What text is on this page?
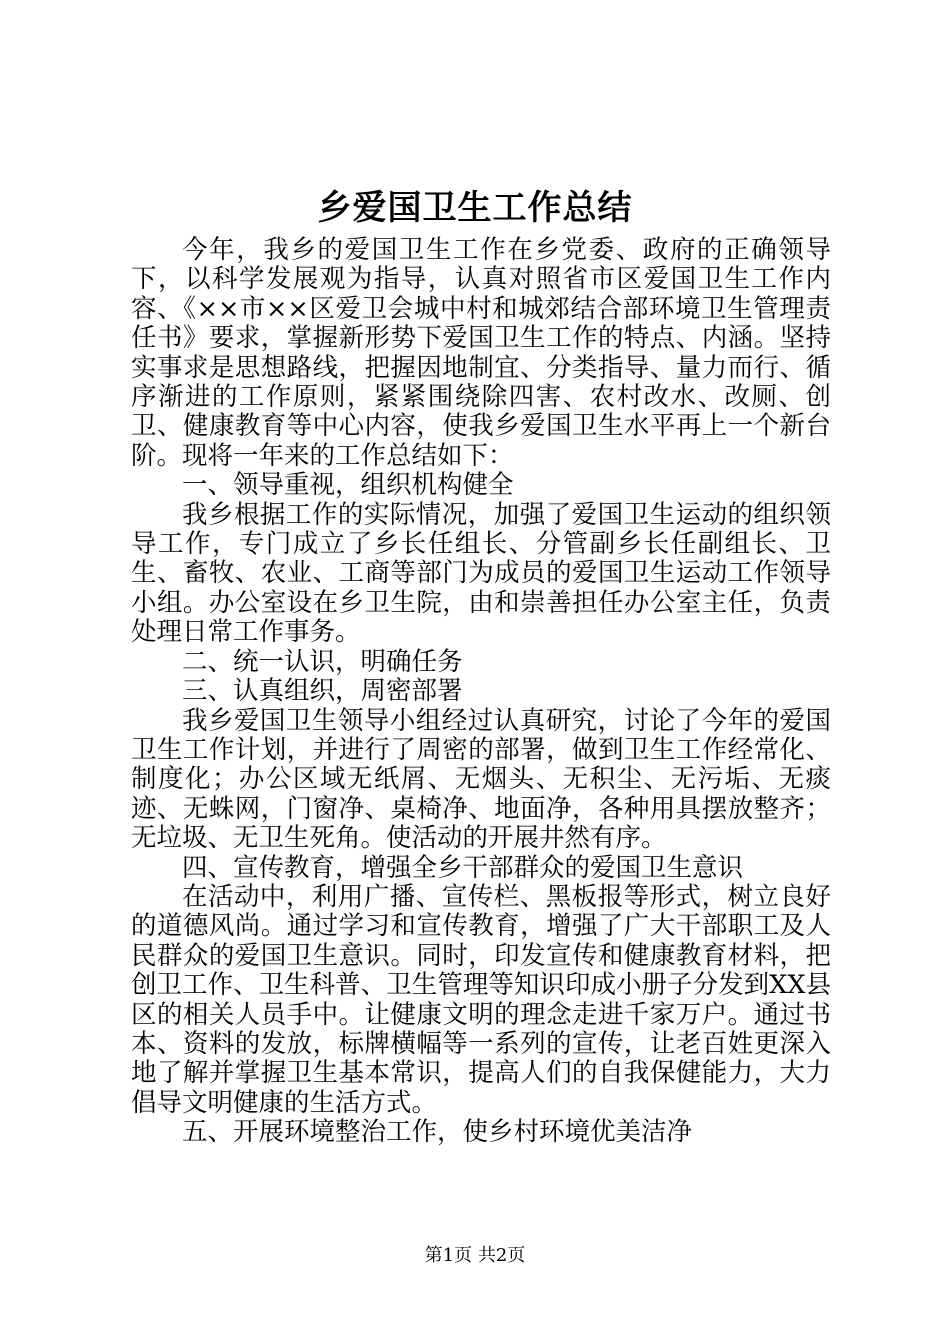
乡爱国卫生工作总结

今年，我乡的爱国卫生工作在乡党委、政府的正确领导下，以科学发展观为指导，认真对照省市区爱国卫生工作内容、《××市××区爱卫会城中村和城郊结合部环境卫生管理责任书》要求，掌握新形势下爱国卫生工作的特点、内涵。坚持实事求是思想路线，把握因地制宜、分类指导、量力而行、循序渐进的工作原则，紧紧围绕除四害、农村改水、改厕、创卫、健康教育等中心内容，使我乡爱国卫生水平再上一个新台阶。现将一年来的工作总结如下：

一、领导重视，组织机构健全

我乡根据工作的实际情况，加强了爱国卫生运动的组织领导工作，专门成立了乡长任组长、分管副乡长任副组长、卫生、畜牧、农业、工商等部门为成员的爱国卫生运动工作领导小组。办公室设在乡卫生院，由和崇善担任办公室主任，负责处理日常工作事务。

二、统一认识，明确任务

三、认真组织，周密部署

我乡爱国卫生领导小组经过认真研究，讨论了今年的爱国卫生工作计划，并进行了周密的部署，做到卫生工作经常化、制度化；办公区域无纸屑、无烟头、无积尘、无污垢、无痰迹、无蛛网，门窗净、桌椅净、地面净，各种用具摆放整齐；无垃圾、无卫生死角。使活动的开展井然有序。

四、宣传教育，增强全乡干部群众的爱国卫生意识

在活动中，利用广播、宣传栏、黑板报等形式，树立良好的道德风尚。通过学习和宣传教育，增强了广大干部职工及人民群众的爱国卫生意识。同时，印发宣传和健康教育材料，把创卫工作、卫生科普、卫生管理等知识印成小册子分发到XX县区的相关人员手中。让健康文明的理念走进千家万户。通过书本、资料的发放，标牌横幅等一系列的宣传，让老百姓更深入地了解并掌握卫生基本常识，提高人们的自我保健能力，大力倡导文明健康的生活方式。

五、开展环境整治工作，使乡村环境优美洁净

第1页 共2页
